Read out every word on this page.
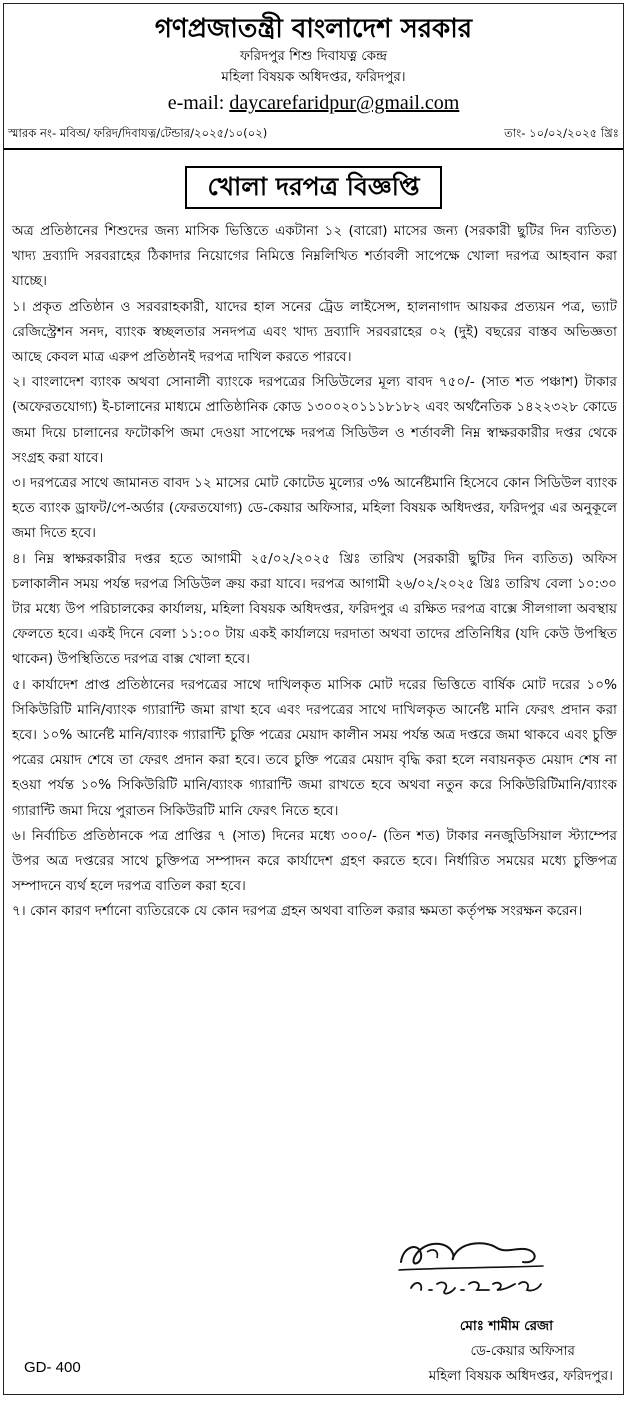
গণপ্রজাতন্ত্রী বাংলাদেশ সরকার
ফরিদপুর শিশু দিবাযত্ন কেন্দ্র
মহিলা বিষয়ক অধিদপ্তর, ফরিদপুর।
e-mail: daycarefaridpur@gmail.com
স্মারক নং- মবিঅ/ ফরিদ/দিবাযত্ন/টেন্ডার/২০২৫/১০(০২)	তাং- ১০/০২/২০২৫ খ্রিঃ
খোলা দরপত্র বিজ্ঞপ্তি

অত্র প্রতিষ্ঠানের শিশুদের জন্য মাসিক ভিত্তিতে একটানা ১২ (বারো) মাসের জন্য (সরকারী ছুটির দিন ব্যতিত) খাদ্য দ্রব্যাদি সরবরাহের ঠিকাদার নিয়োগের নিমিত্তে নিম্নলিখিত শর্তাবলী সাপেক্ষে খোলা দরপত্র আহবান করা যাচ্ছে।

১। প্রকৃত প্রতিষ্ঠান ও সরবরাহকারী, যাদের হাল সনের ট্রেড লাইসেন্স, হালনাগাদ আয়কর প্রত্যয়ন পত্র, ভ্যাট রেজিস্ট্রেশন সনদ, ব্যাংক স্বচ্ছলতার সনদপত্র এবং খাদ্য দ্রব্যাদি সরবরাহের ০২ (দুই) বছরের বাস্তব অভিজ্ঞতা আছে কেবল মাত্র এরুপ প্রতিষ্ঠানই দরপত্র দাখিল করতে পারবে।

২। বাংলাদেশ ব্যাংক অথবা সোনালী ব্যাংকে দরপত্রের সিডিউলের মূল্য বাবদ ৭৫০/- (সাত শত পঞ্চাশ) টাকার (অফেরতযোগ্য) ই-চালানের মাধ্যমে প্রাতিষ্ঠানিক কোড ১৩০০২০১১১৮১৮২ এবং অর্থনৈতিক ১৪২২৩২৮ কোডে জমা দিয়ে চালানের ফটোকপি জমা দেওয়া সাপেক্ষে দরপত্র সিডিউল ও শর্তাবলী নিম্ন স্বাক্ষরকারীর দপ্তর থেকে সংগ্রহ করা যাবে।

৩। দরপত্রের সাথে জামানত বাবদ ১২ মাসের মোট কোটেড মুল্যের ৩% আর্নেষ্টমানি হিসেবে কোন সিডিউল ব্যাংক হতে ব্যাংক ড্রাফট/পে-অর্ডার (ফেরতযোগ্য) ডে-কেয়ার অফিসার, মহিলা বিষয়ক অধিদপ্তর, ফরিদপুর এর অনুকূলে জমা দিতে হবে।

৪। নিম্ন স্বাক্ষরকারীর দপ্তর হতে আগামী ২৫/০২/২০২৫ খ্রিঃ তারিখ (সরকারী ছুটির দিন ব্যতিত) অফিস চলাকালীন সময় পর্যন্ত দরপত্র সিডিউল ক্রয় করা যাবে। দরপত্র আগামী ২৬/০২/২০২৫ খ্রিঃ তারিখ বেলা ১০:৩০ টার মধ্যে উপ পরিচালকের কার্যালয়, মহিলা বিষয়ক অধিদপ্তর, ফরিদপুর এ রক্ষিত দরপত্র বাক্সে সীলগালা অবস্থায় ফেলতে হবে। একই দিনে বেলা ১১:০০ টায় একই কার্যালয়ে দরদাতা অথবা তাদের প্রতিনিধির (যদি কেউ উপস্থিত থাকেন) উপস্থিতিতে দরপত্র বাক্স খোলা হবে।

৫। কার্যাদেশ প্রাপ্ত প্রতিষ্ঠানের দরপত্রের সাথে দাখিলকৃত মাসিক মোট দরের ভিত্তিতে বার্ষিক মোট দরের ১০% সিকিউরিটি মানি/ব্যাংক গ্যারান্টি জমা রাখা হবে এবং দরপত্রের সাথে দাখিলকৃত আর্নেষ্ট মানি ফেরৎ প্রদান করা হবে। ১০% আর্নেষ্ট মানি/ব্যাংক গ্যারান্টি চুক্তি পত্রের মেয়াদ কালীন সময় পর্যন্ত অত্র দপ্তরে জমা থাকবে এবং চুক্তি পত্রের মেয়াদ শেষে তা ফেরৎ প্রদান করা হবে। তবে চুক্তি পত্রের মেয়াদ বৃদ্ধি করা হলে নবায়নকৃত মেয়াদ শেষ না হওয়া পর্যন্ত ১০% সিকিউরিটি মানি/ব্যাংক গ্যারান্টি জমা রাখতে হবে অথবা নতুন করে সিকিউরিটিমানি/ব্যাংক গ্যারান্টি জমা দিয়ে পুরাতন সিকিউরটি মানি ফেরৎ নিতে হবে।

৬। নির্বাচিত প্রতিষ্ঠানকে পত্র প্রাপ্তির ৭ (সাত) দিনের মধ্যে ৩০০/- (তিন শত) টাকার ননজুডিসিয়াল স্ট্যাম্পের উপর অত্র দপ্তরের সাথে চুক্তিপত্র সম্পাদন করে কার্যাদেশ গ্রহণ করতে হবে। নির্ধারিত সময়ের মধ্যে চুক্তিপত্র সম্পাদনে ব্যর্থ হলে দরপত্র বাতিল করা হবে।

৭। কোন কারণ দর্শানো ব্যতিরেকে যে কোন দরপত্র গ্রহন অথবা বাতিল করার ক্ষমতা কর্তৃপক্ষ সংরক্ষন করেন।

মোঃ শামীম রেজা
ডে-কেয়ার অফিসার
মহিলা বিষয়ক অধিদপ্তর, ফরিদপুর।
GD- 400
